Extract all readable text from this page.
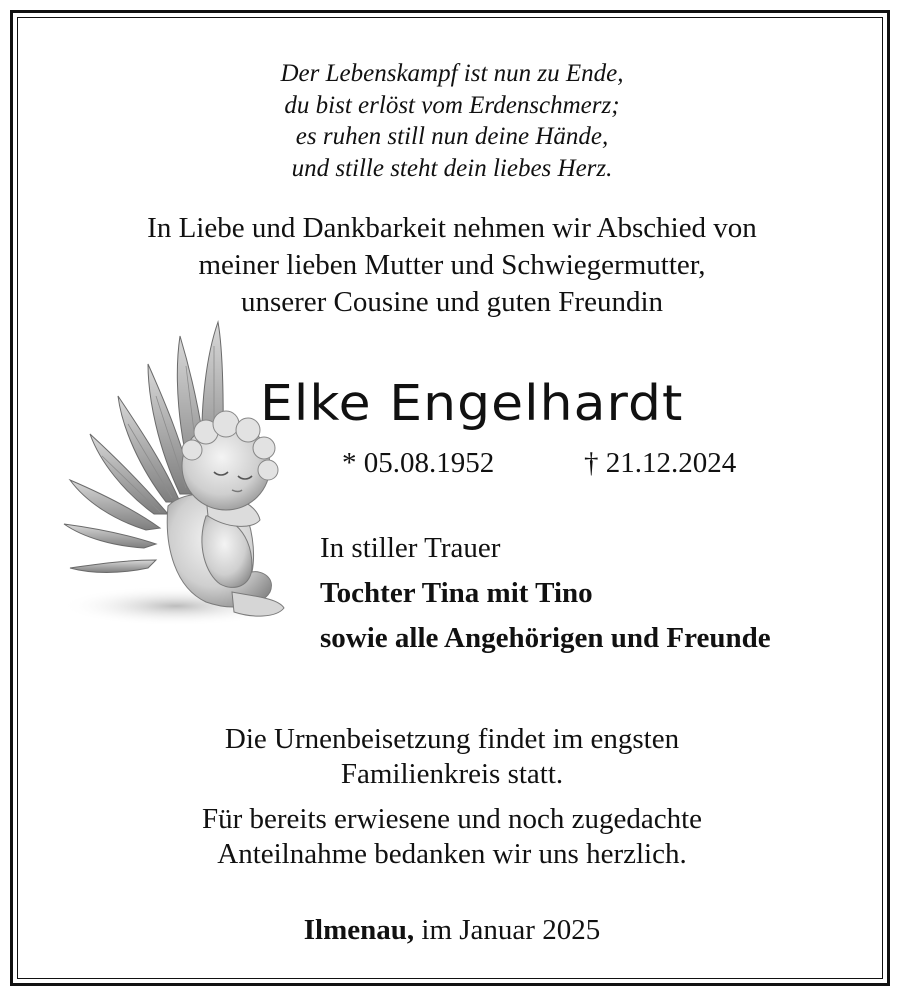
Der Lebenskampf ist nun zu Ende,
du bist erlöst vom Erdenschmerz;
es ruhen still nun deine Hände,
und stille steht dein liebes Herz.
In Liebe und Dankbarkeit nehmen wir Abschied von
meiner lieben Mutter und Schwiegermutter,
unserer Cousine und guten Freundin
Elke Engelhardt
* 05.08.1952	† 21.12.2024
In stiller Trauer
Tochter Tina mit Tino
sowie alle Angehörigen und Freunde
Die Urnenbeisetzung findet im engsten
Familienkreis statt.
Für bereits erwiesene und noch zugedachte
Anteilnahme bedanken wir uns herzlich.
Ilmenau, im Januar 2025
